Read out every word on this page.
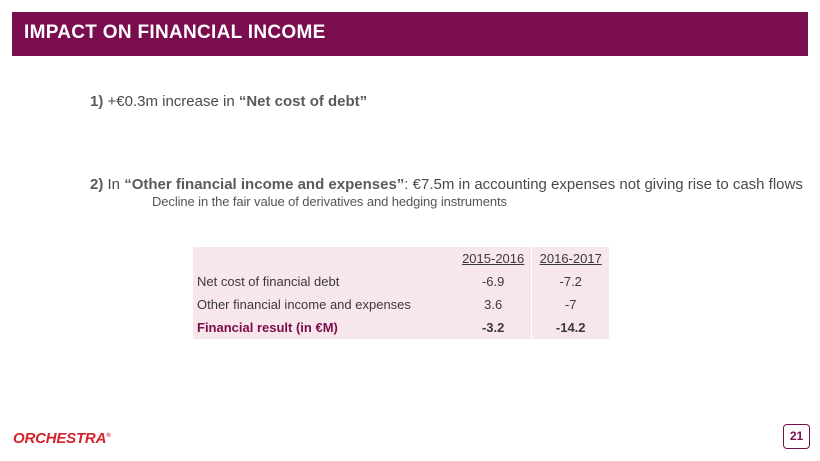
IMPACT ON FINANCIAL INCOME
1) +€0.3m increase in “Net cost of debt”
2) In “Other financial income and expenses”: €7.5m in accounting expenses not giving rise to cash flows
Decline in the fair value of derivatives and hedging instruments
	2015-2016	2016-2017
Net cost of financial debt	-6.9	-7.2
Other financial income and expenses	3.6	-7
Financial result (in €M)	-3.2	-14.2
ORCHESTRA®	21
